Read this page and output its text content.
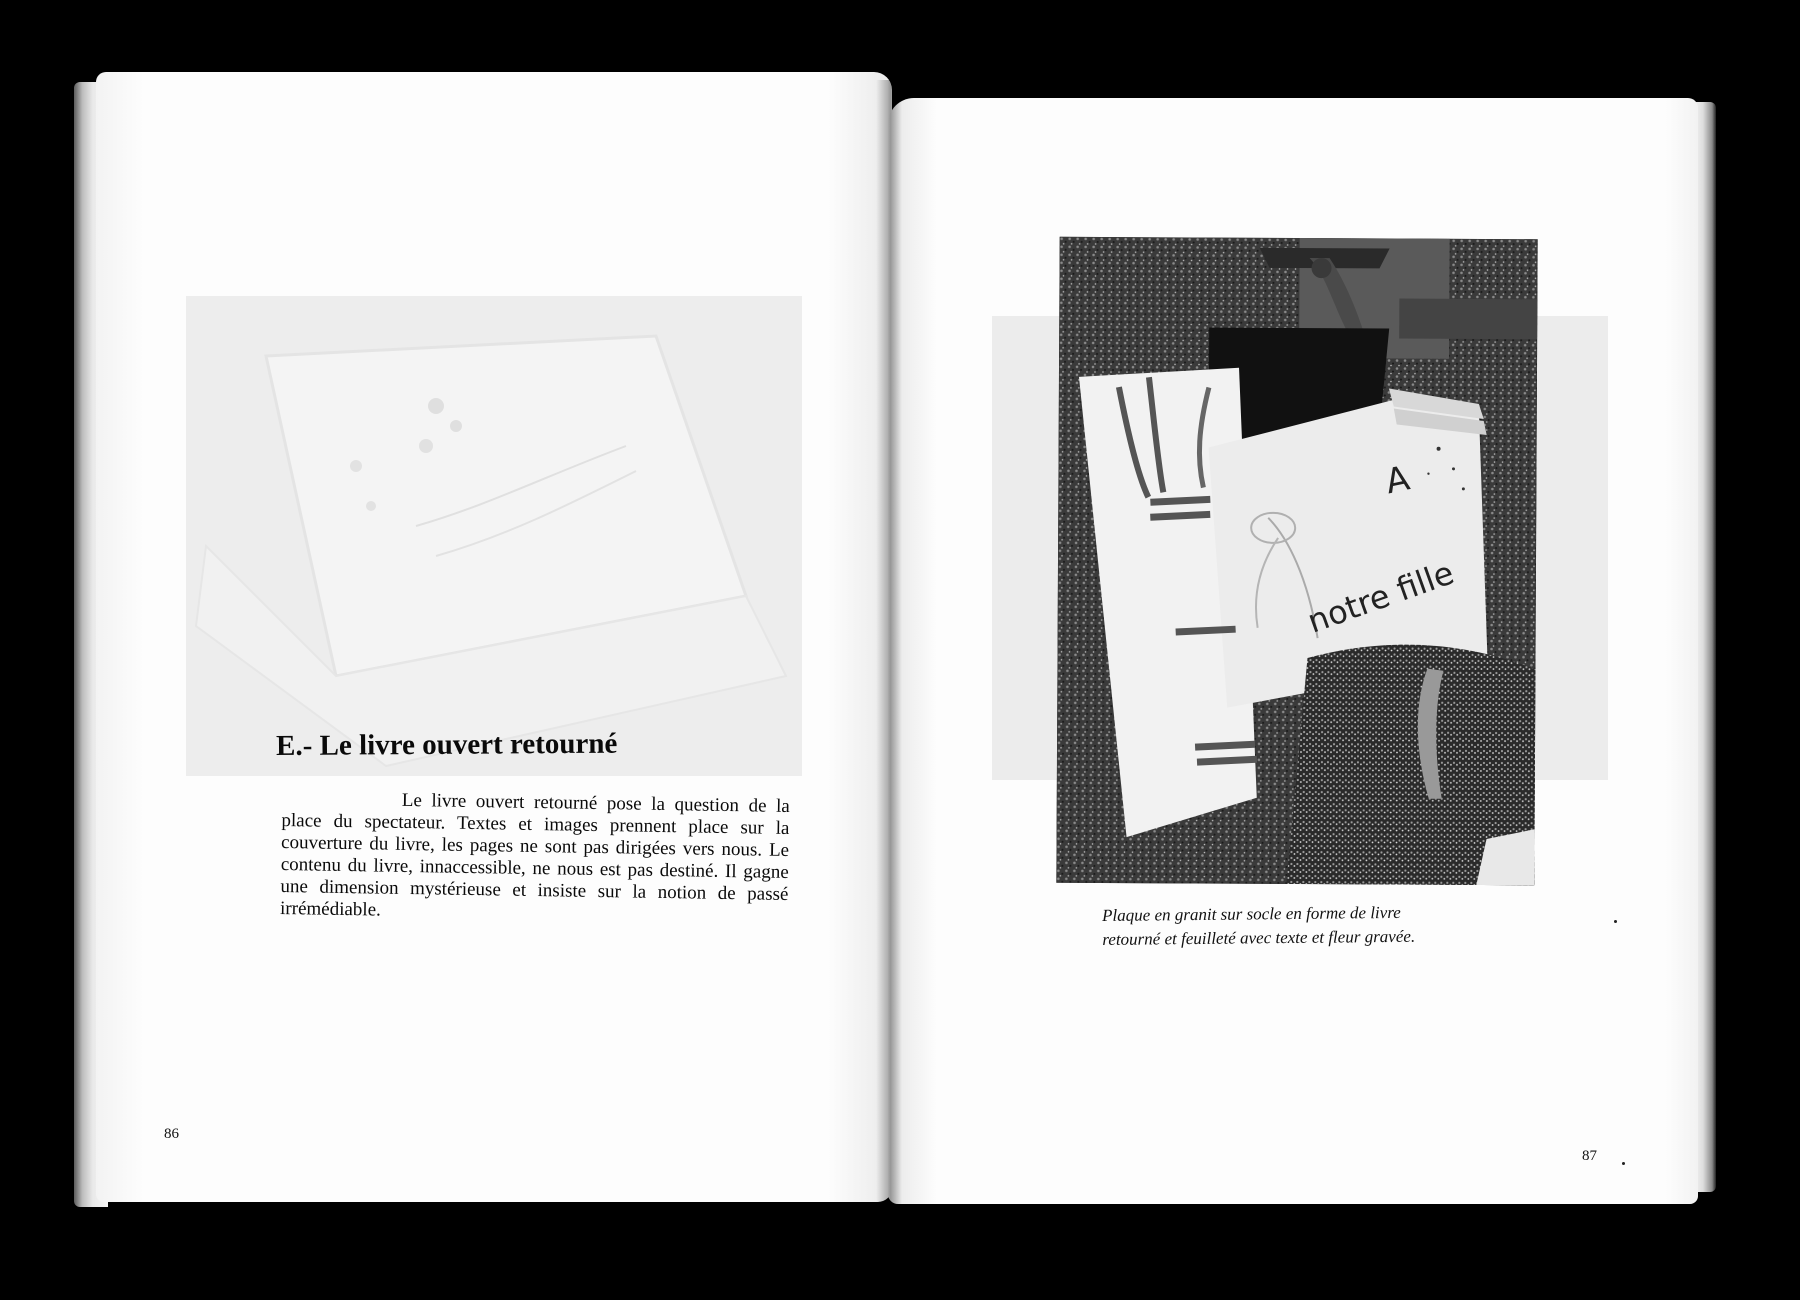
E.- Le livre ouvert retourné
Le livre ouvert retourné pose la question de la place du spectateur. Textes et images prennent place sur la couverture du livre, les pages ne sont pas dirigées vers nous. Le contenu du livre, innaccessible, ne nous est pas destiné. Il gagne une dimension mystérieuse et insiste sur la notion de passé irrémédiable.
86
A
notre fille
Plaque en granit sur socle en forme de livre
retourné et feuilleté avec texte et fleur gravée.
87
